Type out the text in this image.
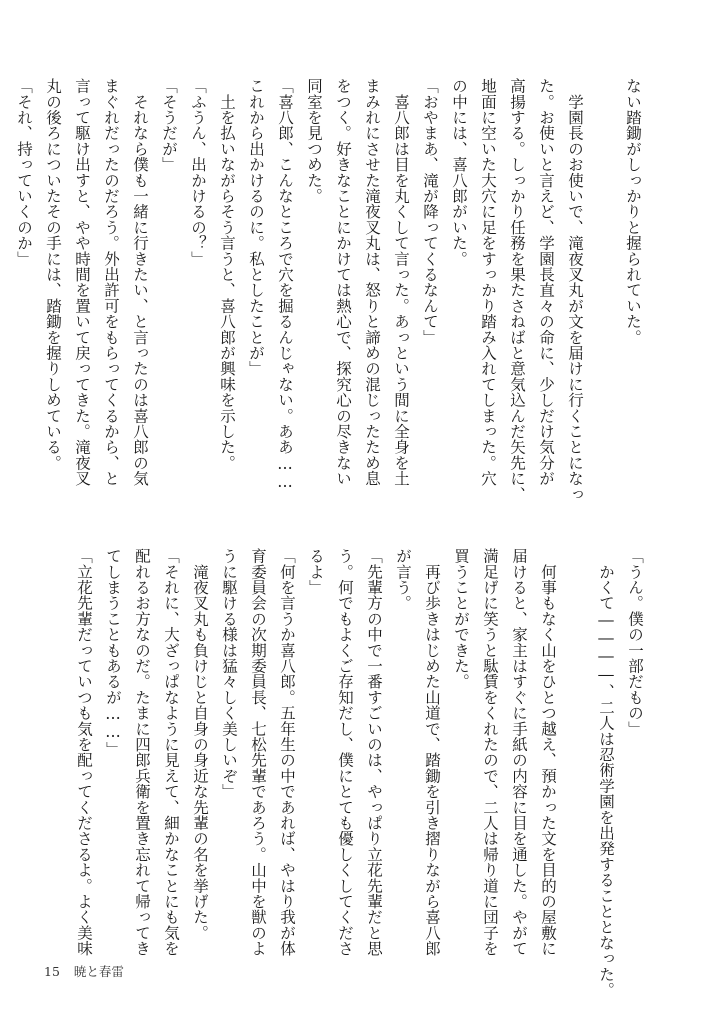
ない踏鋤がしっかりと握られていた。

　学園長のお使いで、滝夜叉丸が文を届けに行くことになっ
た。お使いと言えど、学園長直々の命に、少しだけ気分が
高揚する。しっかり任務を果たさねばと意気込んだ矢先に、
地面に空いた大穴に足をすっかり踏み入れてしまった。穴
の中には、喜八郎がいた。
「おやまあ、滝が降ってくるなんて」
　喜八郎は目を丸くして言った。あっという間に全身を土
まみれにさせた滝夜叉丸は、怒りと諦めの混じったため息
をつく。好きなことにかけては熱心で、探究心の尽きない
同室を見つめた。
「喜八郎、こんなところで穴を掘るんじゃない。ああ……
これから出かけるのに。私としたことが」
　土を払いながらそう言うと、喜八郎が興味を示した。
「ふうん、出かけるの？」
「そうだが」
　それなら僕も一緒に行きたい、と言ったのは喜八郎の気
まぐれだったのだろう。外出許可をもらってくるから、と
言って駆け出すと、やや時間を置いて戻ってきた。滝夜叉
丸の後ろについたその手には、踏鋤を握りしめている。
「それ、持っていくのか」
「うん。僕の一部だもの」
　かくて――――、二人は忍術学園を出発することとなった。

　何事もなく山をひとつ越え、預かった文を目的の屋敷に
届けると、家主はすぐに手紙の内容に目を通した。やがて
満足げに笑うと駄賃をくれたので、二人は帰り道に団子を
買うことができた。
　再び歩きはじめた山道で、踏鋤を引き摺りながら喜八郎
が言う。
「先輩方の中で一番すごいのは、やっぱり立花先輩だと思
う。何でもよくご存知だし、僕にとても優しくしてくださ
るよ」
「何を言うか喜八郎。五年生の中であれば、やはり我が体
育委員会の次期委員長、七松先輩であろう。山中を獣のよ
うに駆ける様は猛々しく美しいぞ」
　滝夜叉丸も負けじと自身の身近な先輩の名を挙げた。
「それに、大ざっぱなように見えて、細かなことにも気を
配れるお方なのだ。たまに四郎兵衛を置き忘れて帰ってき
てしまうこともあるが……」
「立花先輩だっていつも気を配ってくださるよ。よく美味
15 暁と春雷
